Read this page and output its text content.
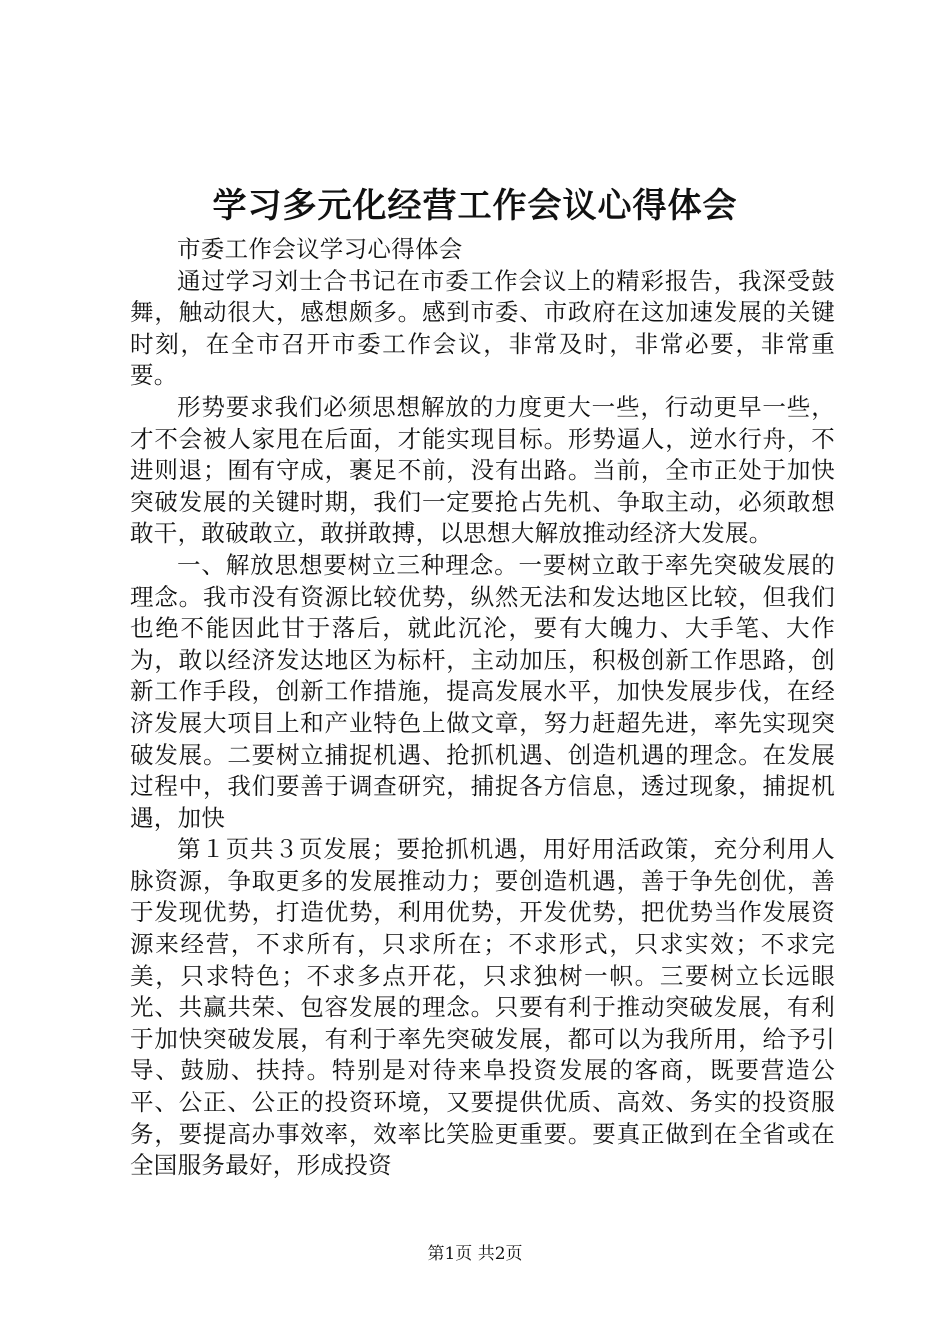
学习多元化经营工作会议心得体会

市委工作会议学习心得体会

通过学习刘士合书记在市委工作会议上的精彩报告，我深受鼓舞，触动很大，感想颇多。感到市委、市政府在这加速发展的关键时刻，在全市召开市委工作会议，非常及时，非常必要，非常重要。

形势要求我们必须思想解放的力度更大一些，行动更早一些，才不会被人家甩在后面，才能实现目标。形势逼人，逆水行舟，不进则退；囿有守成，裹足不前，没有出路。当前，全市正处于加快突破发展的关键时期，我们一定要抢占先机、争取主动，必须敢想敢干，敢破敢立，敢拼敢搏，以思想大解放推动经济大发展。

一、解放思想要树立三种理念。一要树立敢于率先突破发展的理念。我市没有资源比较优势，纵然无法和发达地区比较，但我们也绝不能因此甘于落后，就此沉沦，要有大魄力、大手笔、大作为，敢以经济发达地区为标杆，主动加压，积极创新工作思路，创新工作手段，创新工作措施，提高发展水平，加快发展步伐，在经济发展大项目上和产业特色上做文章，努力赶超先进，率先实现突破发展。二要树立捕捉机遇、抢抓机遇、创造机遇的理念。在发展过程中，我们要善于调查研究，捕捉各方信息，透过现象，捕捉机遇，加快

第１页共３页发展；要抢抓机遇，用好用活政策，充分利用人脉资源，争取更多的发展推动力；要创造机遇，善于争先创优，善于发现优势，打造优势，利用优势，开发优势，把优势当作发展资源来经营，不求所有，只求所在；不求形式，只求实效；不求完美，只求特色；不求多点开花，只求独树一帜。三要树立长远眼光、共赢共荣、包容发展的理念。只要有利于推动突破发展，有利于加快突破发展，有利于率先突破发展，都可以为我所用，给予引导、鼓励、扶持。特别是对待来阜投资发展的客商，既要营造公平、公正、公正的投资环境，又要提供优质、高效、务实的投资服务，要提高办事效率，效率比笑脸更重要。要真正做到在全省或在全国服务最好，形成投资

第1页 共2页
